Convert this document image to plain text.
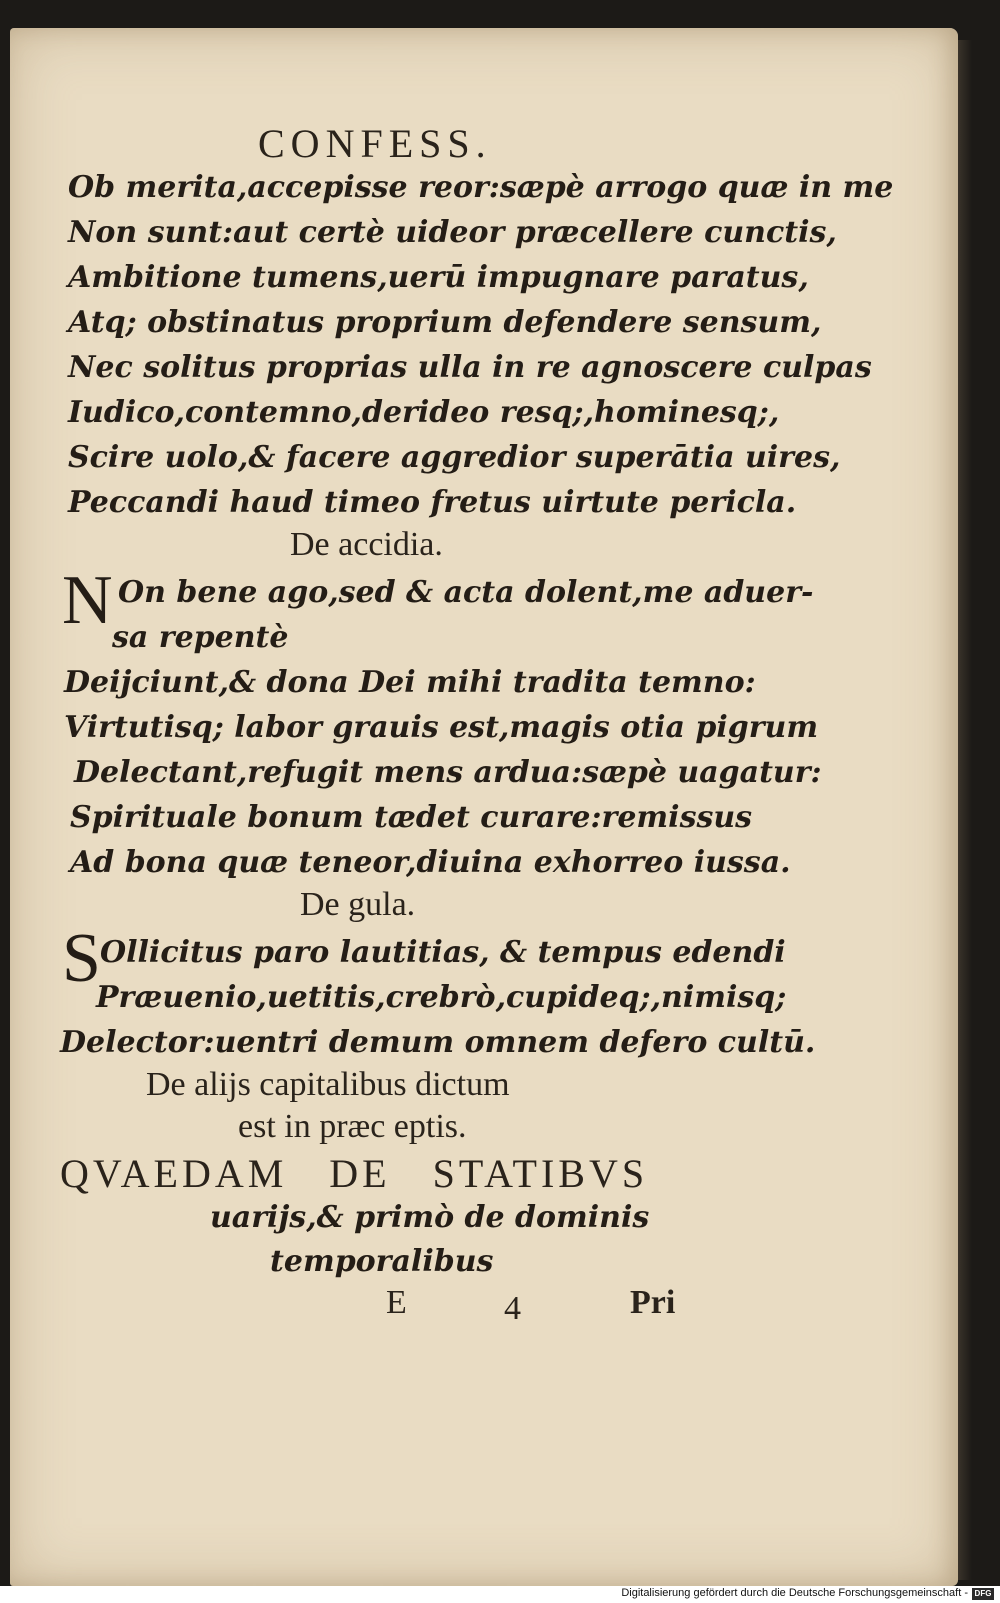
CONFESS.

Ob merita,accepisse reor:sæpè arrogo quæ in me

Non sunt:aut certè uideor præcellere cunctis,

Ambitione tumens,uerū impugnare paratus,

Atq; obstinatus proprium defendere sensum,

Nec solitus proprias ulla in re agnoscere culpas

Iudico,contemno,derideo resq;,hominesq;,

Scire uolo,& facere aggredior superātia uires,

Peccandi haud timeo fretus uirtute pericla.

De accidia.

N On bene ago,sed & acta dolent,me aduer-

sa repentè

Deijciunt,& dona Dei mihi tradita temno:

Virtutisq; labor grauis est,magis otia pigrum

Delectant,refugit mens ardua:sæpè uagatur:

Spirituale bonum tædet curare:remissus

Ad bona quæ teneor,diuina exhorreo iussa.

De gula.

S Ollicitus paro lautitias, & tempus edendi

Præuenio,uetitis,crebrò,cupideq;,nimisq;

Delector:uentri demum omnem defero cultū.

De alijs capitalibus dictum

est in præc eptis.

QVAEDAM DE STATIBVS

uarijs,& primò de dominis

temporalibus

E	4	Pri

Digitalisierung gefördert durch die Deutsche Forschungsgemeinschaft - DFG
